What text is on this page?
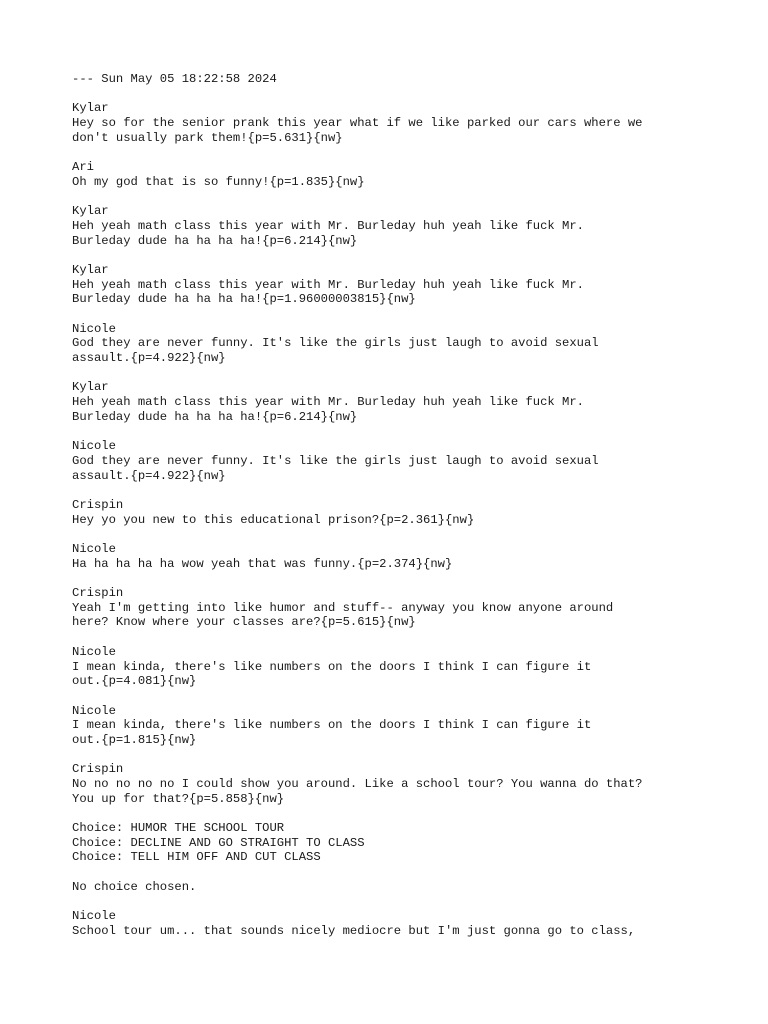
--- Sun May 05 18:22:58 2024
Kylar
Hey so for the senior prank this year what if we like parked our cars where we
don't usually park them!{p=5.631}{nw}
Ari
Oh my god that is so funny!{p=1.835}{nw}
Kylar
Heh yeah math class this year with Mr. Burleday huh yeah like fuck Mr.
Burleday dude ha ha ha ha!{p=6.214}{nw}
Kylar
Heh yeah math class this year with Mr. Burleday huh yeah like fuck Mr.
Burleday dude ha ha ha ha!{p=1.96000003815}{nw}
Nicole
God they are never funny. It's like the girls just laugh to avoid sexual
assault.{p=4.922}{nw}
Kylar
Heh yeah math class this year with Mr. Burleday huh yeah like fuck Mr.
Burleday dude ha ha ha ha!{p=6.214}{nw}
Nicole
God they are never funny. It's like the girls just laugh to avoid sexual
assault.{p=4.922}{nw}
Crispin
Hey yo you new to this educational prison?{p=2.361}{nw}
Nicole
Ha ha ha ha ha wow yeah that was funny.{p=2.374}{nw}
Crispin
Yeah I'm getting into like humor and stuff-- anyway you know anyone around
here? Know where your classes are?{p=5.615}{nw}
Nicole
I mean kinda, there's like numbers on the doors I think I can figure it
out.{p=4.081}{nw}
Nicole
I mean kinda, there's like numbers on the doors I think I can figure it
out.{p=1.815}{nw}
Crispin
No no no no no I could show you around. Like a school tour? You wanna do that?
You up for that?{p=5.858}{nw}
Choice: HUMOR THE SCHOOL TOUR
Choice: DECLINE AND GO STRAIGHT TO CLASS
Choice: TELL HIM OFF AND CUT CLASS
No choice chosen.
Nicole
School tour um... that sounds nicely mediocre but I'm just gonna go to class,
